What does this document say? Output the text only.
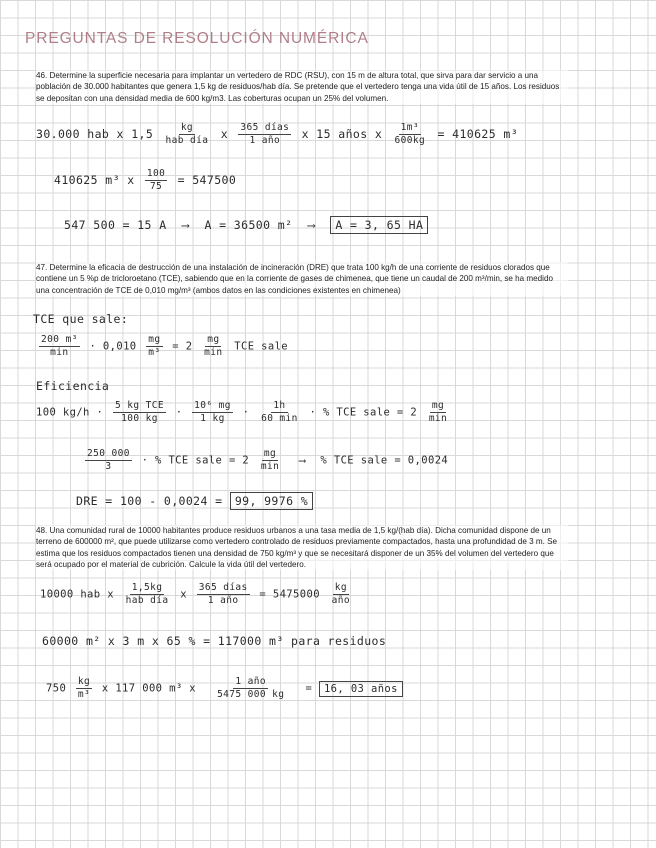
PREGUNTAS DE RESOLUCIÓN NUMÉRICA
46. Determine la superficie necesaria para implantar un vertedero de RDC (RSU), con 15 m de altura total, que sirva para dar servicio a una población de 30.000 habitantes que genera 1,5 kg de residuos/hab día. Se pretende que el vertedero tenga una vida útil de 15 años. Los residuos se depositan con una densidad media de 600 kg/m3. Las coberturas ocupan un 25% del volumen.
30.000 hab x $1,5 \frac{kg}{\text{hab día}}$ x $\frac{\text{365 días}}{\text{1 año}}$ x 15 años x $\frac{\text{1m³}}{600kg} = 410625$ m³
410625 m³ x $\frac{100}{75} = 547500$
547 500 = 15 A ⟶ A = 36500 m² ⟶ A = 3, 65 HA
47. Determine la eficacia de destrucción de una instalación de incineración (DRE) que trata 100 kg/h de una corriente de residuos clorados que contiene un 5 %p de tricloroetano (TCE), sabiendo que en la corriente de gases de chimenea, que tiene un caudal de 200 m³/min, se ha medido una concentración de TCE de 0,010 mg/m³ (ambos datos en las condiciones existentes en chimenea)
TCE que sale:
$\frac{\text{200 m³}}{\min} \cdot 0,010 \frac{mg}{\text{m³}} = 2 \frac{mg}{\min}$ TCE sale
Eficiencia
100 $kg/h \cdot \frac{\text{5 kg TCE}}{100 kg} \cdot \frac{\text{10⁶ mg}}{1 kg} \cdot \frac{1h}{60 \min}$ · % TCE sale = $2 \frac{mg}{\min}$
$\frac{250 000}{3}$ · % TCE sale = $2 \frac{mg}{\min}$ ⟶ % TCE sale = 0,0024
DRE = 100 - 0,0024 = 99, 9976 %
48. Una comunidad rural de 10000 habitantes produce residuos urbanos a una tasa media de 1,5 kg/(hab día). Dicha comunidad dispone de un terreno de 600000 m², que puede utilizarse como vertedero controlado de residuos previamente compactados, hasta una profundidad de 3 m. Se estima que los residuos compactados tienen una densidad de 750 kg/m³ y que se necesitará disponer de un 35% del volumen del vertedero que será ocupado por el material de cubrición. Calcule la vida útil del vertedero.
10000 hab x $\frac{1,5kg}{\text{hab día}}$ x $\frac{\text{365 días}}{\text{1 año}} = 5475000 \frac{kg}{\text{año}}$
60000 m² x 3 m x 65 % = 117000 m³ para residuos
$750 \frac{kg}{\text{m³}}$ x 117 000 m³ x $\frac{\text{1 año}}{5475 000 kg} = 16$, 03 años
